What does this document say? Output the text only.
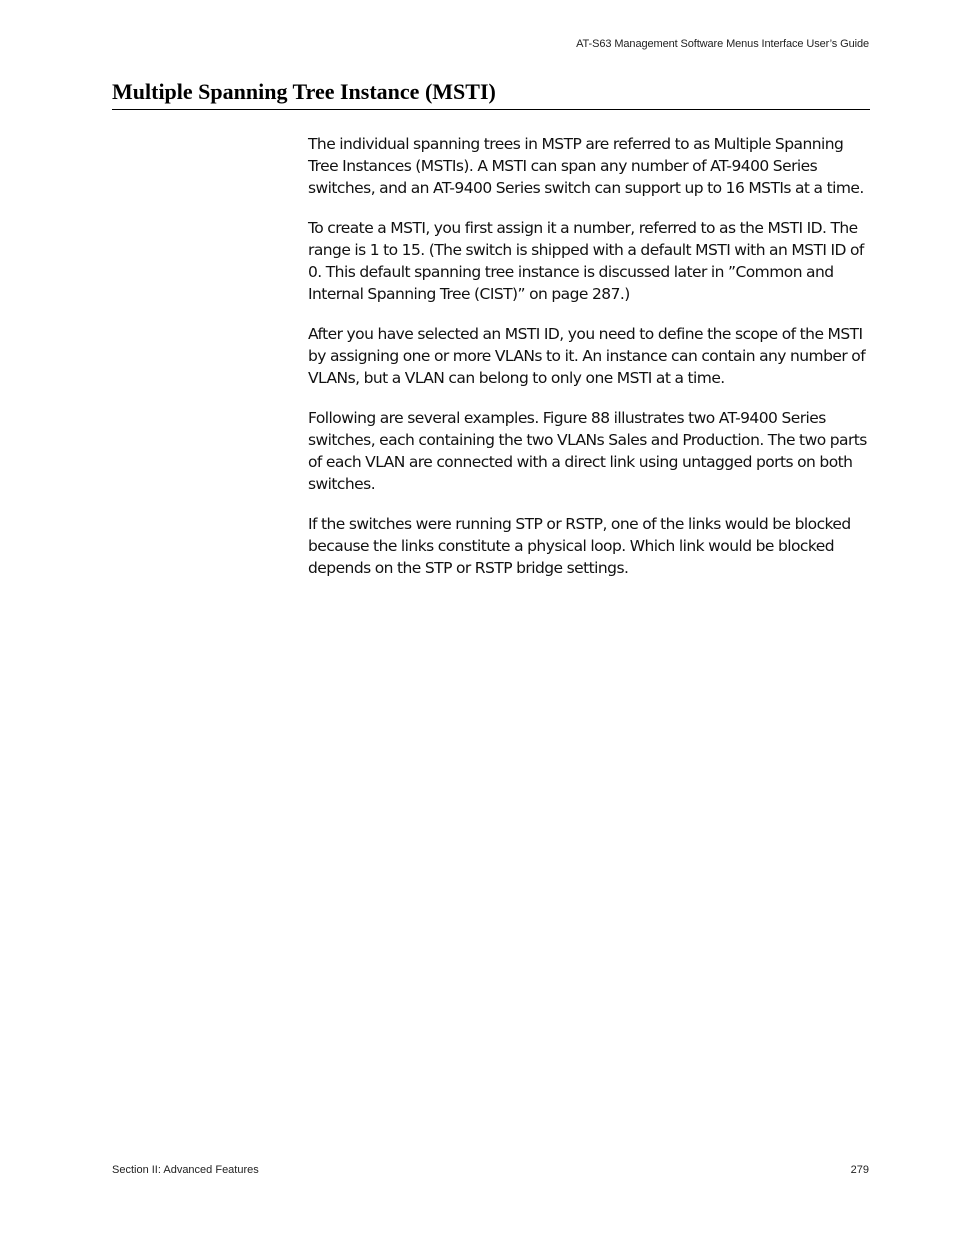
AT-S63 Management Software Menus Interface User’s Guide
Multiple Spanning Tree Instance (MSTI)

The individual spanning trees in MSTP are referred to as Multiple Spanning Tree Instances (MSTIs). A MSTI can span any number of AT-9400 Series switches, and an AT-9400 Series switch can support up to 16 MSTIs at a time.

To create a MSTI, you first assign it a number, referred to as the MSTI ID. The range is 1 to 15. (The switch is shipped with a default MSTI with an MSTI ID of 0. This default spanning tree instance is discussed later in ”Common and Internal Spanning Tree (CIST)” on page 287.)

After you have selected an MSTI ID, you need to define the scope of the MSTI by assigning one or more VLANs to it. An instance can contain any number of VLANs, but a VLAN can belong to only one MSTI at a time.

Following are several examples. Figure 88 illustrates two AT-9400 Series switches, each containing the two VLANs Sales and Production. The two parts of each VLAN are connected with a direct link using untagged ports on both switches.

If the switches were running STP or RSTP, one of the links would be blocked because the links constitute a physical loop. Which link would be blocked depends on the STP or RSTP bridge settings.

Section II: Advanced Features	279
